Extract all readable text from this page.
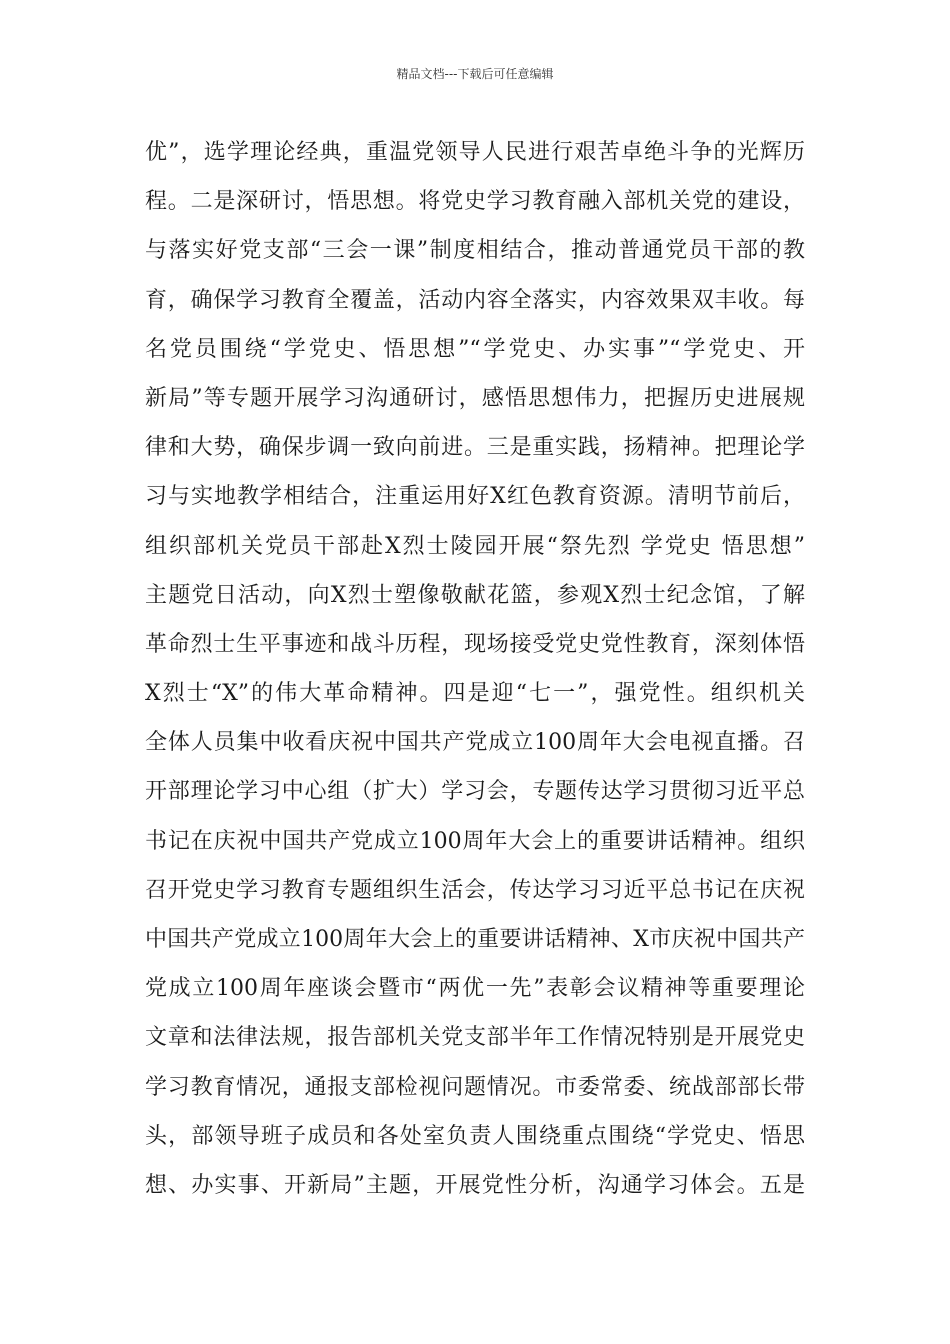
精品文档---下载后可任意编辑
优”，选学理论经典，重温党领导人民进行艰苦卓绝斗争的光辉历
程。二是深研讨，悟思想。将党史学习教育融入部机关党的建设，
与落实好党支部“三会一课”制度相结合，推动普通党员干部的教
育，确保学习教育全覆盖，活动内容全落实，内容效果双丰收。每
名党员围绕“学党史、悟思想”“学党史、办实事”“学党史、开
新局”等专题开展学习沟通研讨，感悟思想伟力，把握历史进展规
律和大势，确保步调一致向前进。三是重实践，扬精神。把理论学
习与实地教学相结合，注重运用好X红色教育资源。清明节前后，
组织部机关党员干部赴X烈士陵园开展“祭先烈 学党史 悟思想”
主题党日活动，向X烈士塑像敬献花篮，参观X烈士纪念馆，了解
革命烈士生平事迹和战斗历程，现场接受党史党性教育，深刻体悟
X烈士“X”的伟大革命精神。四是迎“七一”，强党性。组织机关
全体人员集中收看庆祝中国共产党成立100周年大会电视直播。召
开部理论学习中心组（扩大）学习会，专题传达学习贯彻习近平总
书记在庆祝中国共产党成立100周年大会上的重要讲话精神。组织
召开党史学习教育专题组织生活会，传达学习习近平总书记在庆祝
中国共产党成立100周年大会上的重要讲话精神、X市庆祝中国共产
党成立100周年座谈会暨市“两优一先”表彰会议精神等重要理论
文章和法律法规，报告部机关党支部半年工作情况特别是开展党史
学习教育情况，通报支部检视问题情况。市委常委、统战部部长带
头，部领导班子成员和各处室负责人围绕重点围绕“学党史、悟思
想、办实事、开新局”主题，开展党性分析，沟通学习体会。五是
